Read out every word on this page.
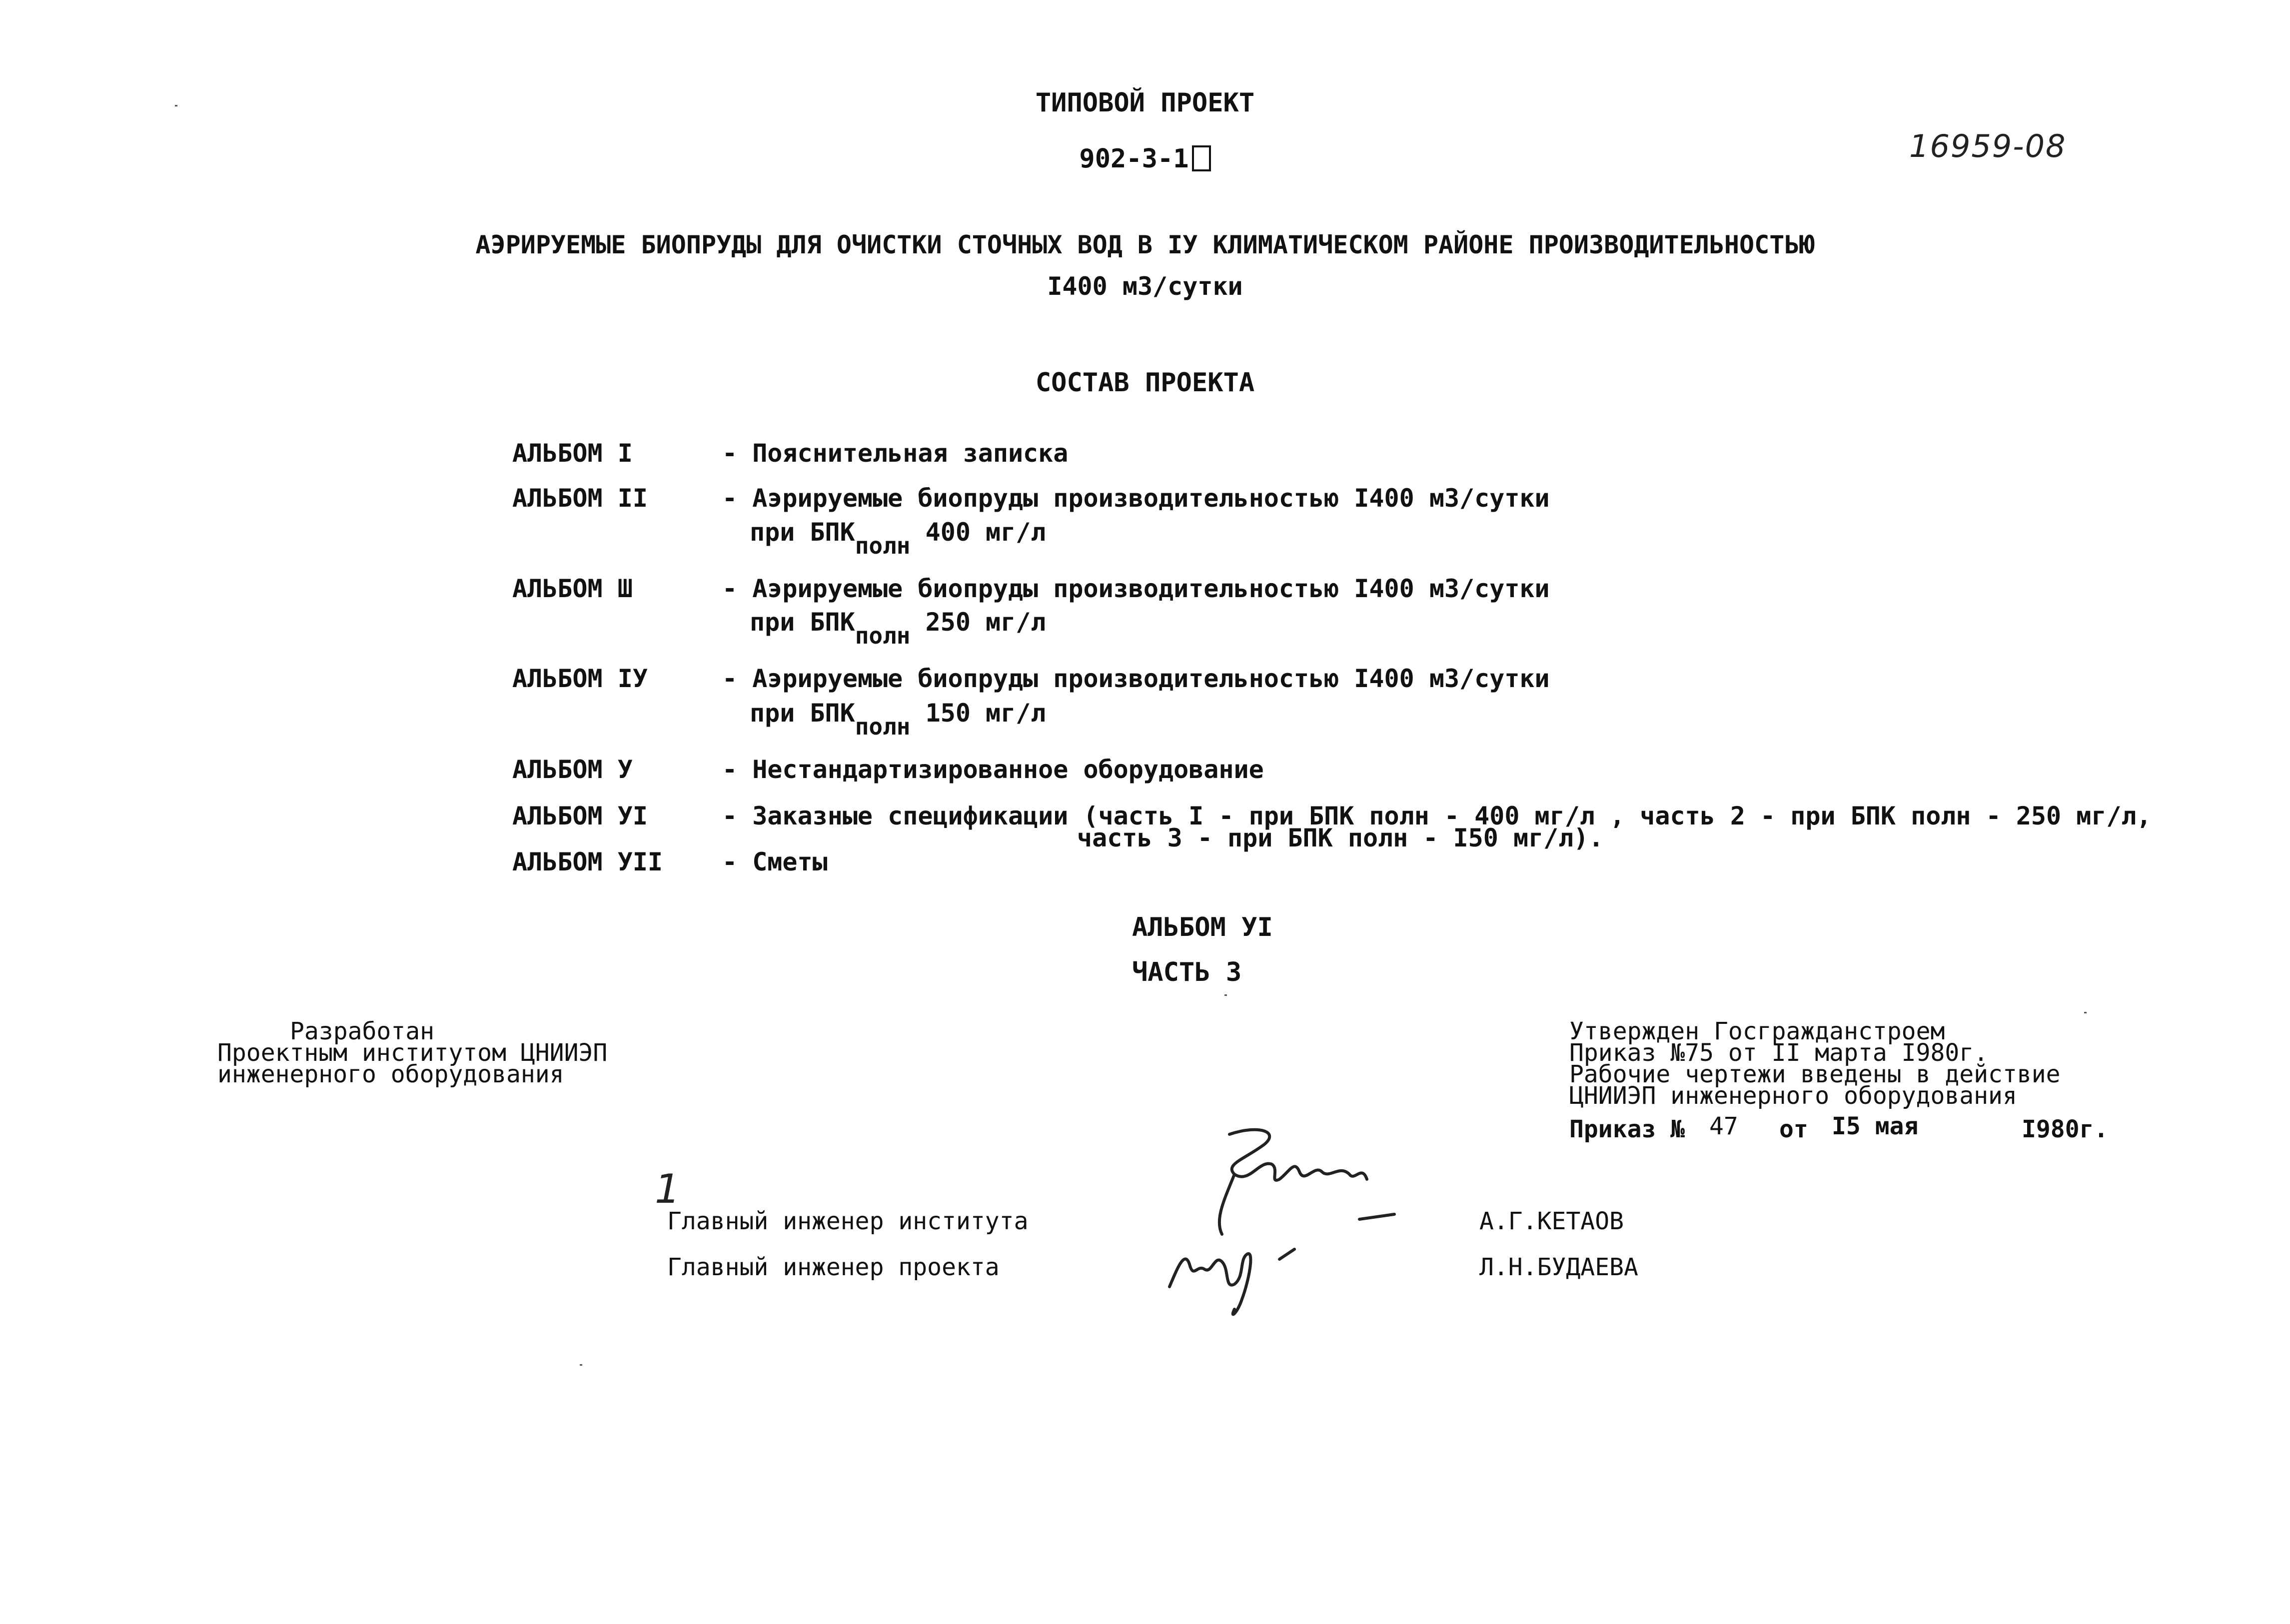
ТИПОВОЙ ПРОЕКТ
902-3-1	16959-08
АЭРИРУЕМЫЕ БИОПРУДЫ ДЛЯ ОЧИСТКИ СТОЧНЫХ ВОД В IУ КЛИМАТИЧЕСКОМ РАЙОНЕ ПРОИЗВОДИТЕЛЬНОСТЬЮ
I400 м3/сутки
СОСТАВ ПРОЕКТА
АЛЬБОМ I	- Пояснительная записка
АЛЬБОМ II	- Аэрируемые биопруды производительностью I400 м3/сутки
при БПКполн 400 мг/л
АЛЬБОМ Ш	- Аэрируемые биопруды производительностью I400 м3/сутки
при БПКполн 250 мг/л
АЛЬБОМ IУ	- Аэрируемые биопруды производительностью I400 м3/сутки
при БПКполн 150 мг/л
АЛЬБОМ У	- Нестандартизированное оборудование
АЛЬБОМ УI	- Заказные спецификации (часть I - при БПК полн - 400 мг/л , часть 2 - при БПК полн - 250 мг/л,
часть 3 - при БПК полн - I50 мг/л).
АЛЬБОМ УII - Сметы
АЛЬБОМ УI
ЧАСТЬ 3
Разработан
Проектным институтом ЦНИИЭП
инженерного оборудования
Утвержден Госгражданстроем
Приказ №75 от II марта I980г.
Рабочие чертежи введены в действие
ЦНИИЭП инженерного оборудования
Приказ № 47 от I5 мая	I980г.
1
Главный инженер института
Главный инженер проекта
А.Г.КЕТАОВ
Л.Н.БУДАЕВА
